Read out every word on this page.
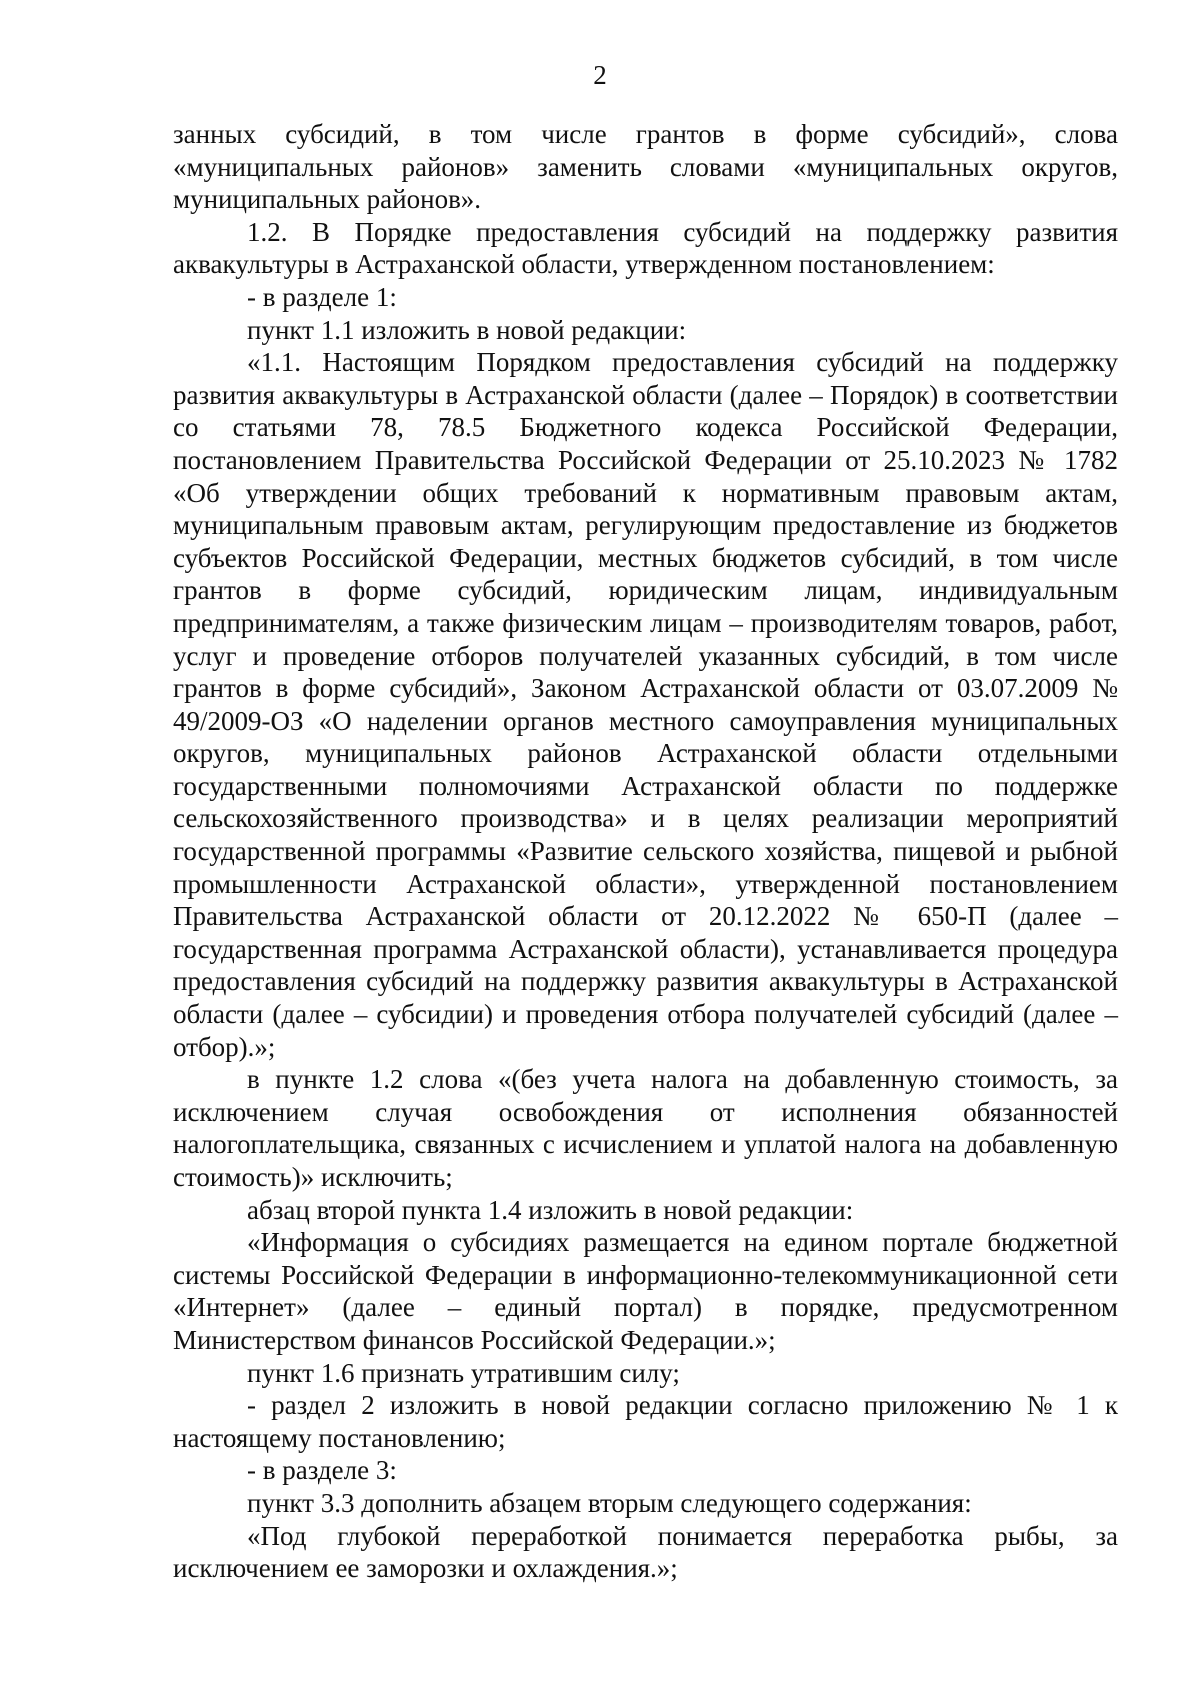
2

занных субсидий, в том числе грантов в форме субсидий», слова «муниципальных районов» заменить словами «муниципальных округов, муниципальных районов».

1.2. В Порядке предоставления субсидий на поддержку развития аквакультуры в Астраханской области, утвержденном постановлением:

- в разделе 1:

пункт 1.1 изложить в новой редакции:

«1.1. Настоящим Порядком предоставления субсидий на поддержку развития аквакультуры в Астраханской области (далее – Порядок) в соответствии со статьями 78, 78.5 Бюджетного кодекса Российской Федерации, постановлением Правительства Российской Федерации от 25.10.2023 № 1782 «Об утверждении общих требований к нормативным правовым актам, муниципальным правовым актам, регулирующим предоставление из бюджетов субъектов Российской Федерации, местных бюджетов субсидий, в том числе грантов в форме субсидий, юридическим лицам, индивидуальным предпринимателям, а также физическим лицам – производителям товаров, работ, услуг и проведение отборов получателей указанных субсидий, в том числе грантов в форме субсидий», Законом Астраханской области от 03.07.2009 № 49/2009-ОЗ «О наделении органов местного самоуправления муниципальных округов, муниципальных районов Астраханской области отдельными государственными полномочиями Астраханской области по поддержке сельскохозяйственного производства» и в целях реализации мероприятий государственной программы «Развитие сельского хозяйства, пищевой и рыбной промышленности Астраханской области», утвержденной постановлением Правительства Астраханской области от 20.12.2022 № 650-П (далее – государственная программа Астраханской области), устанавливается процедура предоставления субсидий на поддержку развития аквакультуры в Астраханской области (далее – субсидии) и проведения отбора получателей субсидий (далее – отбор).»;

в пункте 1.2 слова «(без учета налога на добавленную стоимость, за исключением случая освобождения от исполнения обязанностей налогоплательщика, связанных с исчислением и уплатой налога на добавленную стоимость)» исключить;

абзац второй пункта 1.4 изложить в новой редакции:

«Информация о субсидиях размещается на едином портале бюджетной системы Российской Федерации в информационно-телекоммуникационной сети «Интернет» (далее – единый портал) в порядке, предусмотренном Министерством финансов Российской Федерации.»;

пункт 1.6 признать утратившим силу;

- раздел 2 изложить в новой редакции согласно приложению № 1 к настоящему постановлению;

- в разделе 3:

пункт 3.3 дополнить абзацем вторым следующего содержания:

«Под глубокой переработкой понимается переработка рыбы, за исключением ее заморозки и охлаждения.»;
